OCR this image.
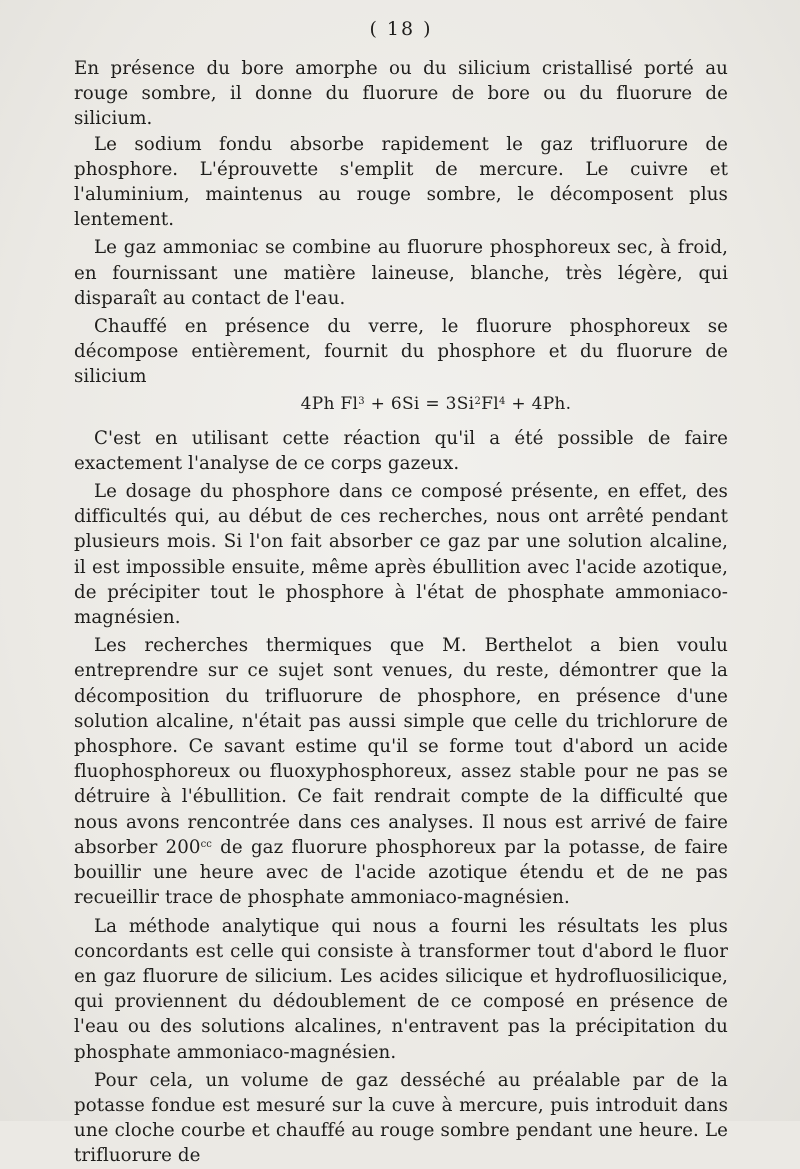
( 18 )

En présence du bore amorphe ou du silicium cristallisé porté au rouge sombre, il donne du fluorure de bore ou du fluorure de silicium.

Le sodium fondu absorbe rapidement le gaz trifluorure de phosphore. L'éprouvette s'emplit de mercure. Le cuivre et l'aluminium, maintenus au rouge sombre, le décomposent plus lentement.

Le gaz ammoniac se combine au fluorure phosphoreux sec, à froid, en fournissant une matière laineuse, blanche, très légère, qui disparaît au contact de l'eau.

Chauffé en présence du verre, le fluorure phosphoreux se décompose entièrement, fournit du phosphore et du fluorure de silicium

4Ph $Fl^3 + 6Si = 3Si^2Fl^4 + 4Ph$.

C'est en utilisant cette réaction qu'il a été possible de faire exactement l'analyse de ce corps gazeux.

Le dosage du phosphore dans ce composé présente, en effet, des difficultés qui, au début de ces recherches, nous ont arrêté pendant plusieurs mois. Si l'on fait absorber ce gaz par une solution alcaline, il est impossible ensuite, même après ébullition avec l'acide azotique, de précipiter tout le phosphore à l'état de phosphate ammoniaco-magnésien.

Les recherches thermiques que M. Berthelot a bien voulu entreprendre sur ce sujet sont venues, du reste, démontrer que la décomposition du trifluorure de phosphore, en présence d'une solution alcaline, n'était pas aussi simple que celle du trichlorure de phosphore. Ce savant estime qu'il se forme tout d'abord un acide fluophosphoreux ou fluoxyphosphoreux, assez stable pour ne pas se détruire à l'ébullition. Ce fait rendrait compte de la difficulté que nous avons rencontrée dans ces analyses. Il nous est arrivé de faire absorber $200^{cc}$ de gaz fluorure phosphoreux par la potasse, de faire bouillir une heure avec de l'acide azotique étendu et de ne pas recueillir trace de phosphate ammoniaco-magnésien.

La méthode analytique qui nous a fourni les résultats les plus concordants est celle qui consiste à transformer tout d'abord le fluor en gaz fluorure de silicium. Les acides silicique et hydrofluosilicique, qui proviennent du dédoublement de ce composé en présence de l'eau ou des solutions alcalines, n'entravent pas la précipitation du phosphate ammoniaco-magnésien.

Pour cela, un volume de gaz desséché au préalable par de la potasse fondue est mesuré sur la cuve à mercure, puis introduit dans une cloche courbe et chauffé au rouge sombre pendant une heure. Le trifluorure de
